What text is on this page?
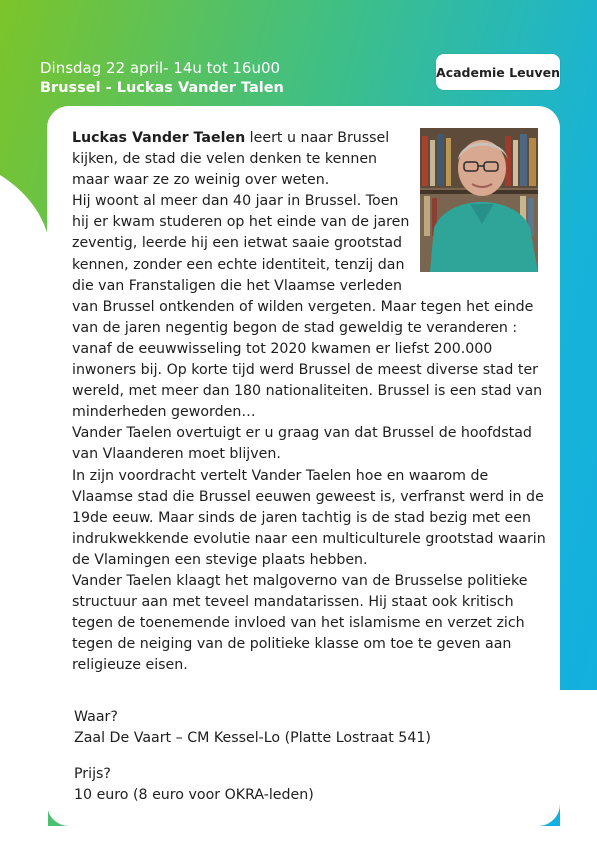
Dinsdag 22 april- 14u tot 16u00
Brussel - Luckas Vander Talen
Academie Leuven

Luckas Vander Taelen leert u naar Brussel kijken, de stad die velen denken te kennen maar waar ze zo weinig over weten.

Hij woont al meer dan 40 jaar in Brussel. Toen hij er kwam studeren op het einde van de jaren zeventig, leerde hij een ietwat saaie grootstad kennen, zonder een echte identiteit, tenzij dan die van Franstaligen die het Vlaamse verleden van Brussel ontkenden of wilden vergeten. Maar tegen het einde van de jaren negentig begon de stad geweldig te veranderen : vanaf de eeuwwisseling tot 2020 kwamen er liefst 200.000 inwoners bij. Op korte tijd werd Brussel de meest diverse stad ter wereld, met meer dan 180 nationaliteiten. Brussel is een stad van minderheden geworden…

Vander Taelen overtuigt er u graag van dat Brussel de hoofdstad van Vlaanderen moet blijven.

In zijn voordracht vertelt Vander Taelen hoe en waarom de Vlaamse stad die Brussel eeuwen geweest is, verfranst werd in de 19de eeuw. Maar sinds de jaren tachtig is de stad bezig met een indrukwekkende evolutie naar een multiculturele grootstad waarin de Vlamingen een stevige plaats hebben.

Vander Taelen klaagt het malgoverno van de Brusselse politieke structuur aan met teveel mandatarissen. Hij staat ook kritisch tegen de toenemende invloed van het islamisme en verzet zich tegen de neiging van de politieke klasse om toe te geven aan religieuze eisen.

Waar?
Zaal De Vaart – CM Kessel-Lo (Platte Lostraat 541)
Prijs?
10 euro (8 euro voor OKRA-leden)
